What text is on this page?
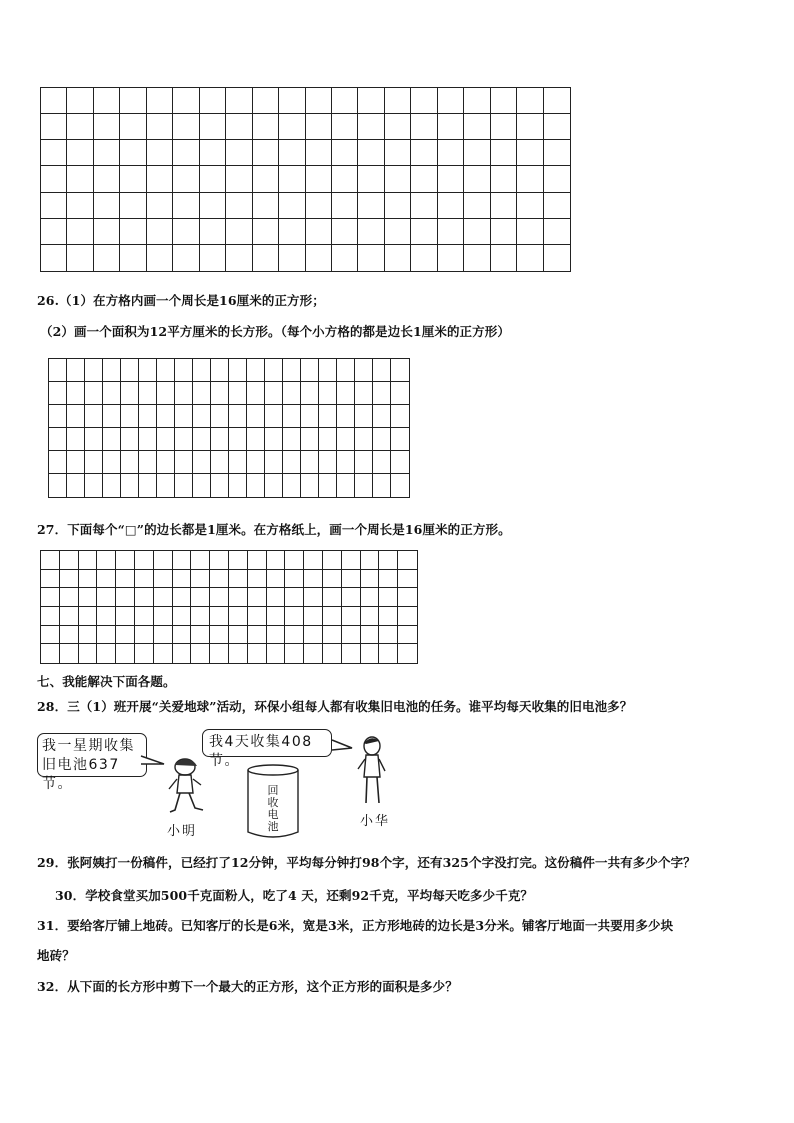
26.（1）在方格内画一个周长是16厘米的正方形；
（2）画一个面积为12平方厘米的长方形。（每个小方格的都是边长1厘米的正方形）
27．下面每个“□”的边长都是1厘米。在方格纸上，画一个周长是16厘米的正方形。
七、我能解决下面各题。
28．三（1）班开展“关爱地球”活动，环保小组每人都有收集旧电池的任务。谁平均每天收集的旧电池多？
我一星期收集
旧电池637节。
小明
回收电池
我4天收集408节。
小华
29．张阿姨打一份稿件，已经打了12分钟，平均每分钟打98个字，还有325个字没打完。这份稿件一共有多少个字？
30．学校食堂买加500千克面粉人，吃了4 天，还剩92千克，平均每天吃多少千克？
31．要给客厅铺上地砖。已知客厅的长是6米，宽是3米，正方形地砖的边长是3分米。铺客厅地面一共要用多少块
地砖？
32．从下面的长方形中剪下一个最大的正方形，这个正方形的面积是多少？
